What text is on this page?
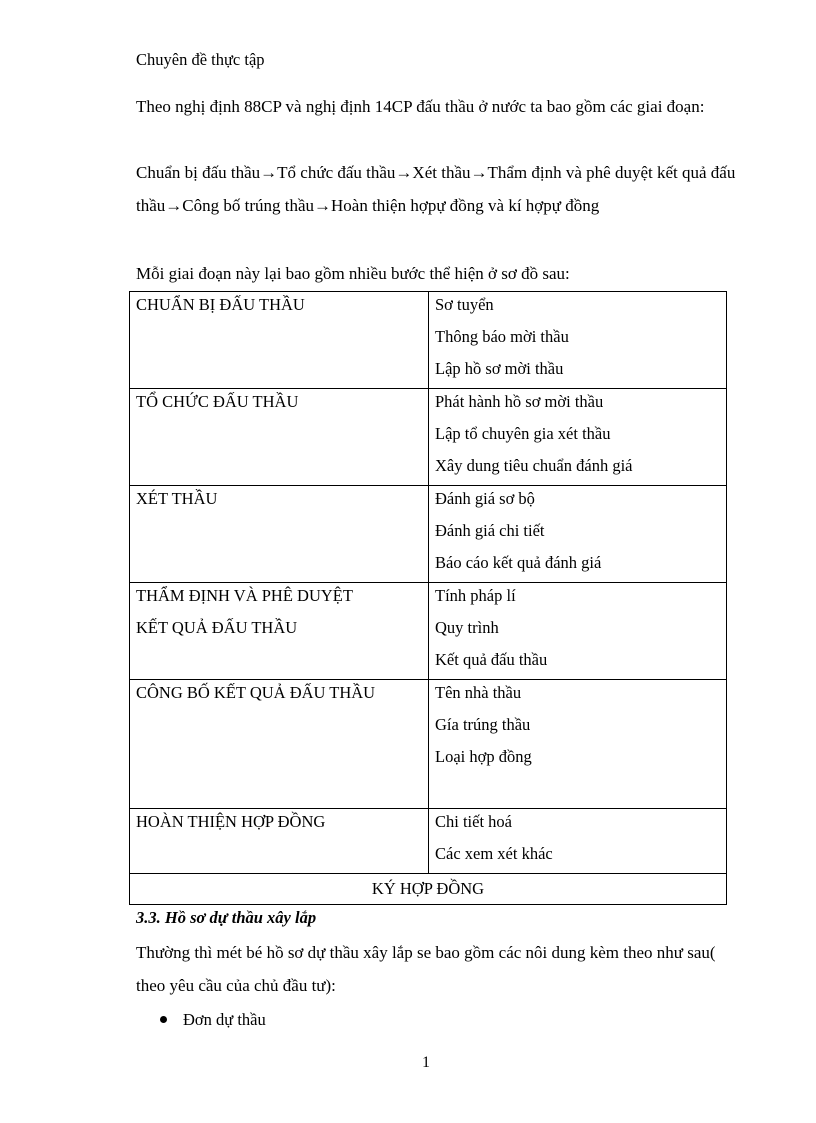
Chuyên đề thực tập
Theo nghị định 88CP và nghị định 14CP đấu thầu ở nước ta bao gồm các giai đoạn:
Chuẩn bị đấu thầu→Tổ chức đấu thầu→Xét thầu→Thẩm định và phê duyệt kết quả đấu thầu→Công bố trúng thầu→Hoàn thiện hợpự đồng và kí hợpự đồng
Mỗi giai đoạn này lại bao gồm nhiều bước thể hiện ở sơ đồ sau:
CHUẨN BỊ ĐẤU THẦU	Sơ tuyển
Thông báo mời thầu
Lập hồ sơ mời thầu

TỔ CHỨC ĐẤU THẦU	Phát hành hồ sơ mời thầu
Lập tổ chuyên gia xét thầu
Xây dung tiêu chuẩn đánh giá

XÉT THẦU	Đánh giá sơ bộ
Đánh giá chi tiết
Báo cáo kết quả đánh giá

THẨM ĐỊNH VÀ PHÊ DUYỆT
KẾT QUẢ ĐẤU THẦU	Tính pháp lí
Quy trình
Kết quả đấu thầu

CÔNG BỐ KẾT QUẢ ĐẤU THẦU	Tên nhà thầu
Gía trúng thầu
Loại hợp đồng

HOÀN THIỆN HỢP ĐỒNG	Chi tiết hoá
Các xem xét khác

KÝ HỢP ĐỒNG	
3.3. Hồ sơ dự thầu xây lắp
Thường thì mét bé hồ sơ dự thầu xây lắp se bao gồm các nôi dung kèm theo như sau( theo yêu cầu của chủ đầu tư):
Đơn dự thầu
1
